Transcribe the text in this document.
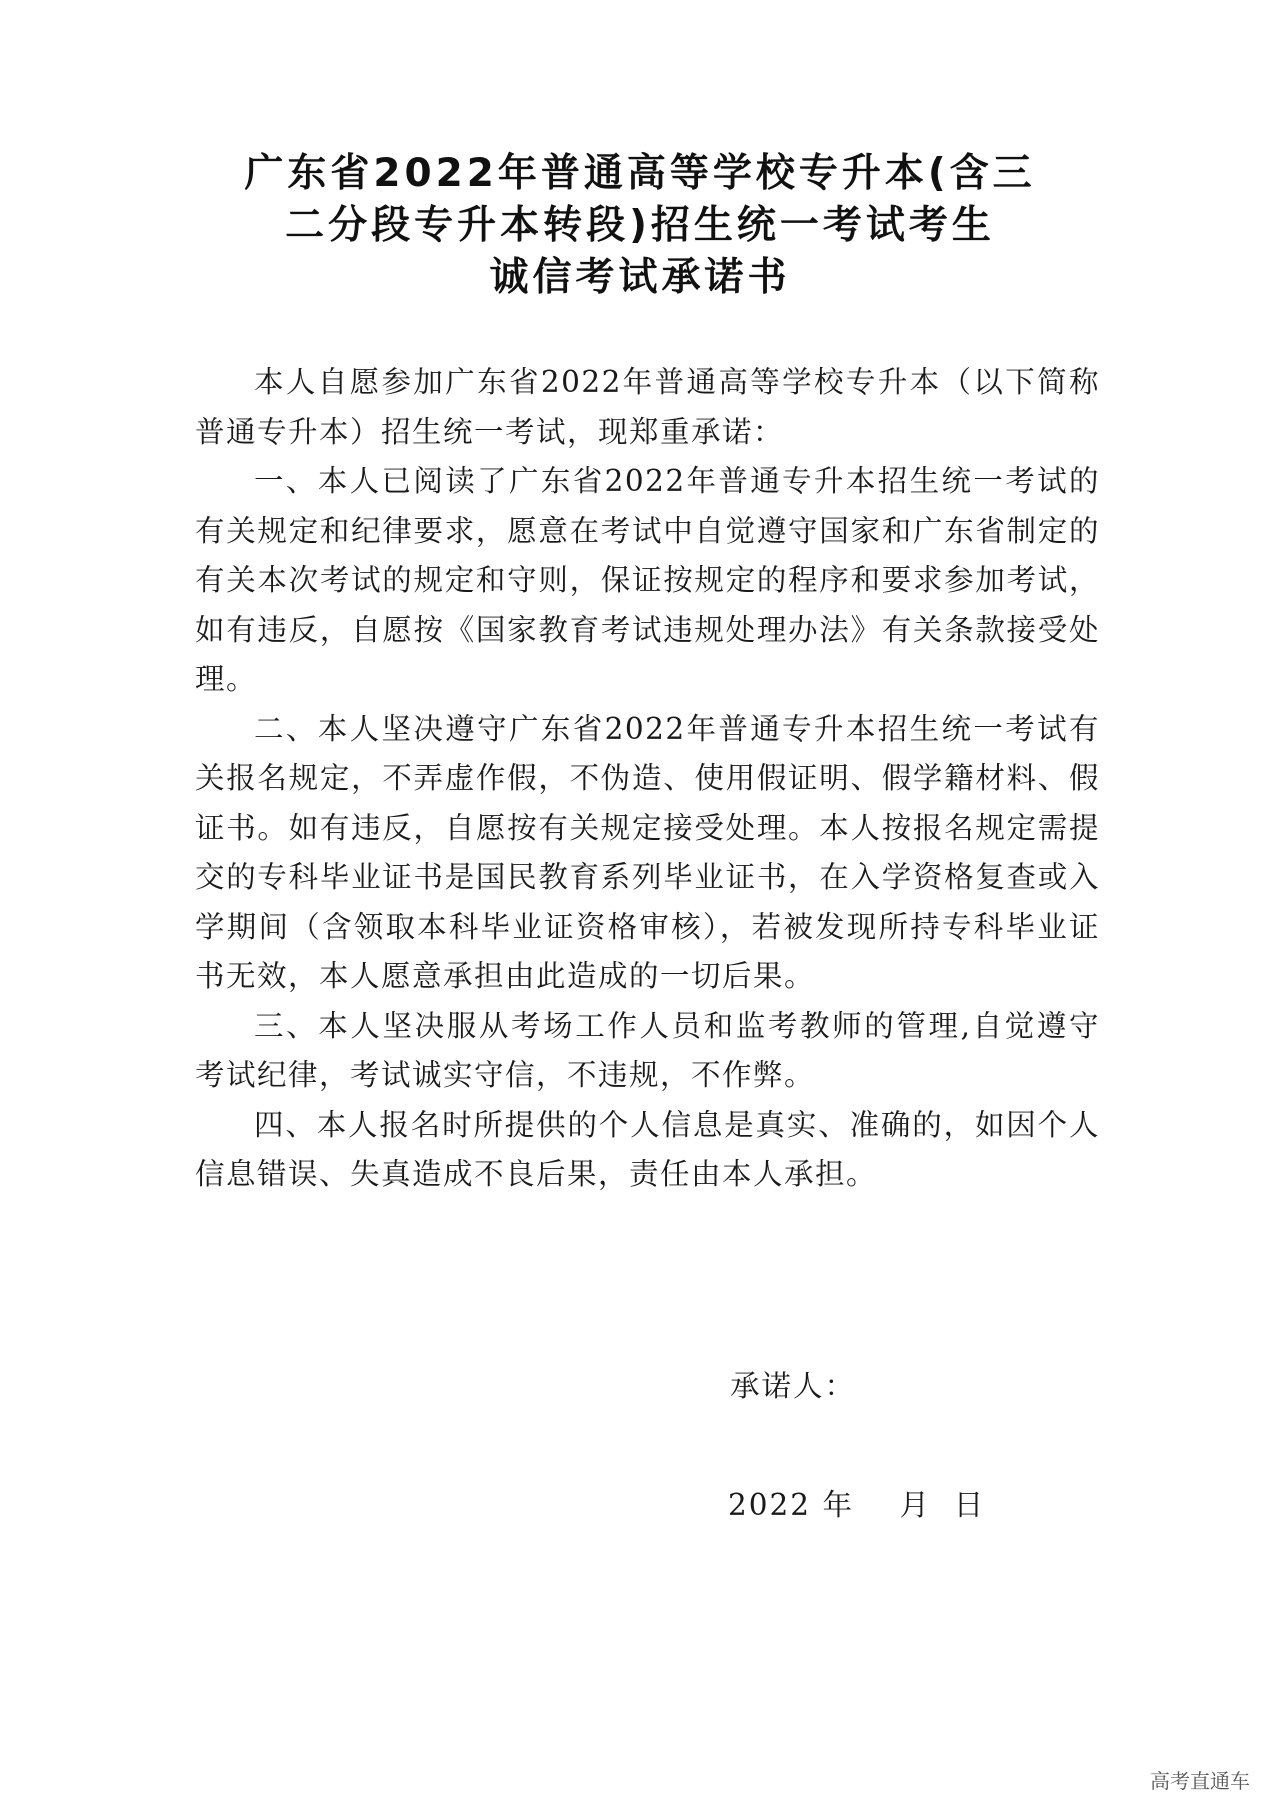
广东省2022年普通高等学校专升本(含三
二分段专升本转段)招生统一考试考生
诚信考试承诺书

本人自愿参加广东省2022年普通高等学校专升本（以下简称普通专升本）招生统一考试，现郑重承诺：

一、本人已阅读了广东省2022年普通专升本招生统一考试的有关规定和纪律要求，愿意在考试中自觉遵守国家和广东省制定的有关本次考试的规定和守则，保证按规定的程序和要求参加考试，如有违反，自愿按《国家教育考试违规处理办法》有关条款接受处理。

二、本人坚决遵守广东省2022年普通专升本招生统一考试有关报名规定，不弄虚作假，不伪造、使用假证明、假学籍材料、假证书。如有违反，自愿按有关规定接受处理。本人按报名规定需提交的专科毕业证书是国民教育系列毕业证书，在入学资格复查或入学期间（含领取本科毕业证资格审核），若被发现所持专科毕业证书无效，本人愿意承担由此造成的一切后果。

三、本人坚决服从考场工作人员和监考教师的管理,自觉遵守考试纪律，考试诚实守信，不违规，不作弊。

四、本人报名时所提供的个人信息是真实、准确的，如因个人信息错误、失真造成不良后果，责任由本人承担。

承诺人：
2022 年    月  日
高考直通车
